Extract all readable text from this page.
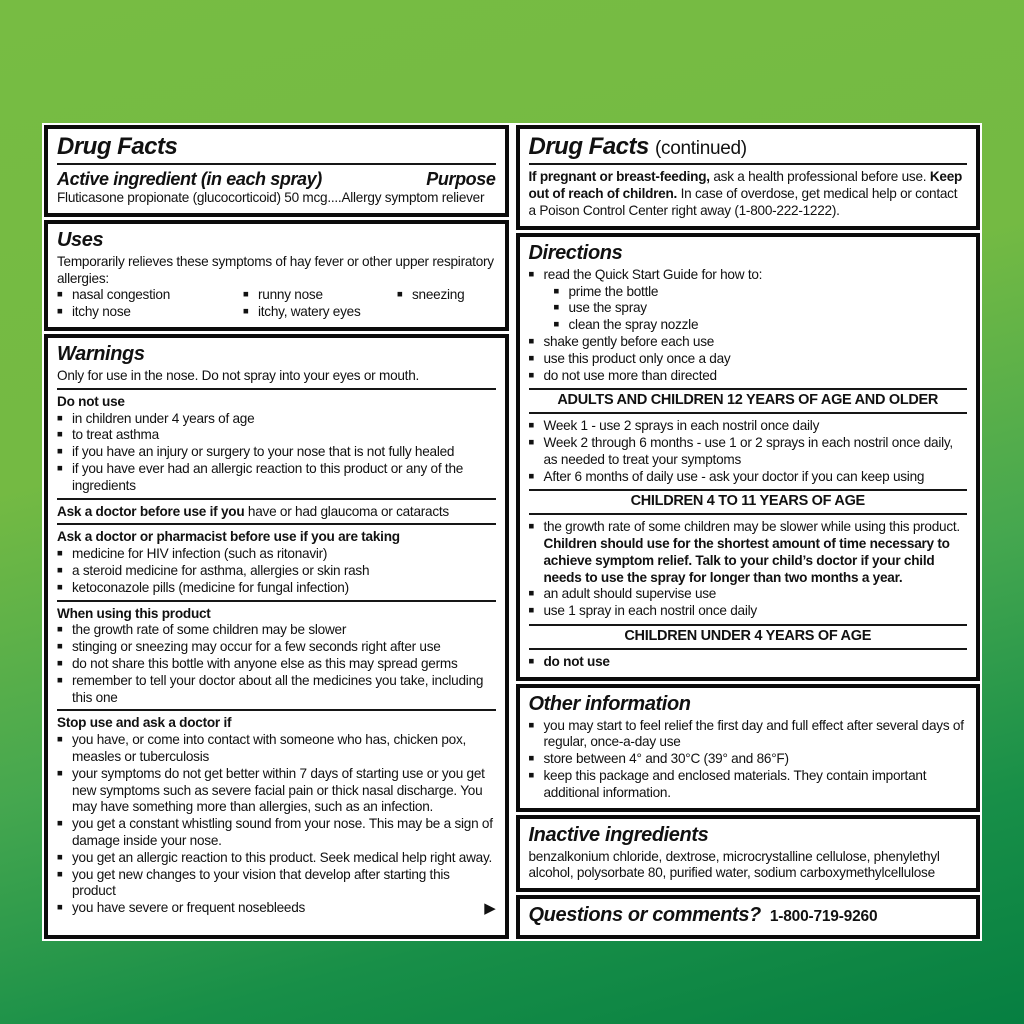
Drug Facts
Active ingredient (in each spray)	Purpose

Fluticasone propionate (glucocorticoid) 50 mcg....Allergy symptom reliever

Uses

Temporarily relieves these symptoms of hay fever or other upper respiratory allergies:

■ nasal congestion	■ runny nose	■ sneezing
■ itchy nose	■ itchy, watery eyes
Warnings

Only for use in the nose. Do not spray into your eyes or mouth.

Do not use

■ in children under 4 years of age
■ to treat asthma
■ if you have an injury or surgery to your nose that is not fully healed
■ if you have ever had an allergic reaction to this product or any of the ingredients

Ask a doctor before use if you have or had glaucoma or cataracts

Ask a doctor or pharmacist before use if you are taking

■ medicine for HIV infection (such as ritonavir)
■ a steroid medicine for asthma, allergies or skin rash
■ ketoconazole pills (medicine for fungal infection)

When using this product

■ the growth rate of some children may be slower
■ stinging or sneezing may occur for a few seconds right after use
■ do not share this bottle with anyone else as this may spread germs
■ remember to tell your doctor about all the medicines you take, including this one

Stop use and ask a doctor if

■ you have, or come into contact with someone who has, chicken pox, measles or tuberculosis
■ your symptoms do not get better within 7 days of starting use or you get new symptoms such as severe facial pain or thick nasal discharge. You may have something more than allergies, such as an infection.
■ you get a constant whistling sound from your nose. This may be a sign of damage inside your nose.
■ you get an allergic reaction to this product. Seek medical help right away.
■ you get new changes to your vision that develop after starting this product
■ you have severe or frequent nosebleeds	▶
Drug Facts (continued)

If pregnant or breast-feeding, ask a health professional before use. Keep out of reach of children. In case of overdose, get medical help or contact a Poison Control Center right away (1-800-222-1222).

Directions
■ read the Quick Start Guide for how to:
■ prime the bottle
■ use the spray
■ clean the spray nozzle
■ shake gently before each use
■ use this product only once a day
■ do not use more than directed
ADULTS AND CHILDREN 12 YEARS OF AGE AND OLDER
■ Week 1 - use 2 sprays in each nostril once daily
■ Week 2 through 6 months - use 1 or 2 sprays in each nostril once daily, as needed to treat your symptoms
■ After 6 months of daily use - ask your doctor if you can keep using
CHILDREN 4 TO 11 YEARS OF AGE
■ the growth rate of some children may be slower while using this product. Children should use for the shortest amount of time necessary to achieve symptom relief. Talk to your child’s doctor if your child needs to use the spray for longer than two months a year.
■ an adult should supervise use
■ use 1 spray in each nostril once daily
CHILDREN UNDER 4 YEARS OF AGE
■ do not use
Other information
■ you may start to feel relief the first day and full effect after several days of regular, once-a-day use
■ store between 4° and 30°C (39° and 86°F)
■ keep this package and enclosed materials. They contain important additional information.
Inactive ingredients

benzalkonium chloride, dextrose, microcrystalline cellulose, phenylethyl alcohol, polysorbate 80, purified water, sodium carboxymethylcellulose

Questions or comments? 1-800-719-9260
